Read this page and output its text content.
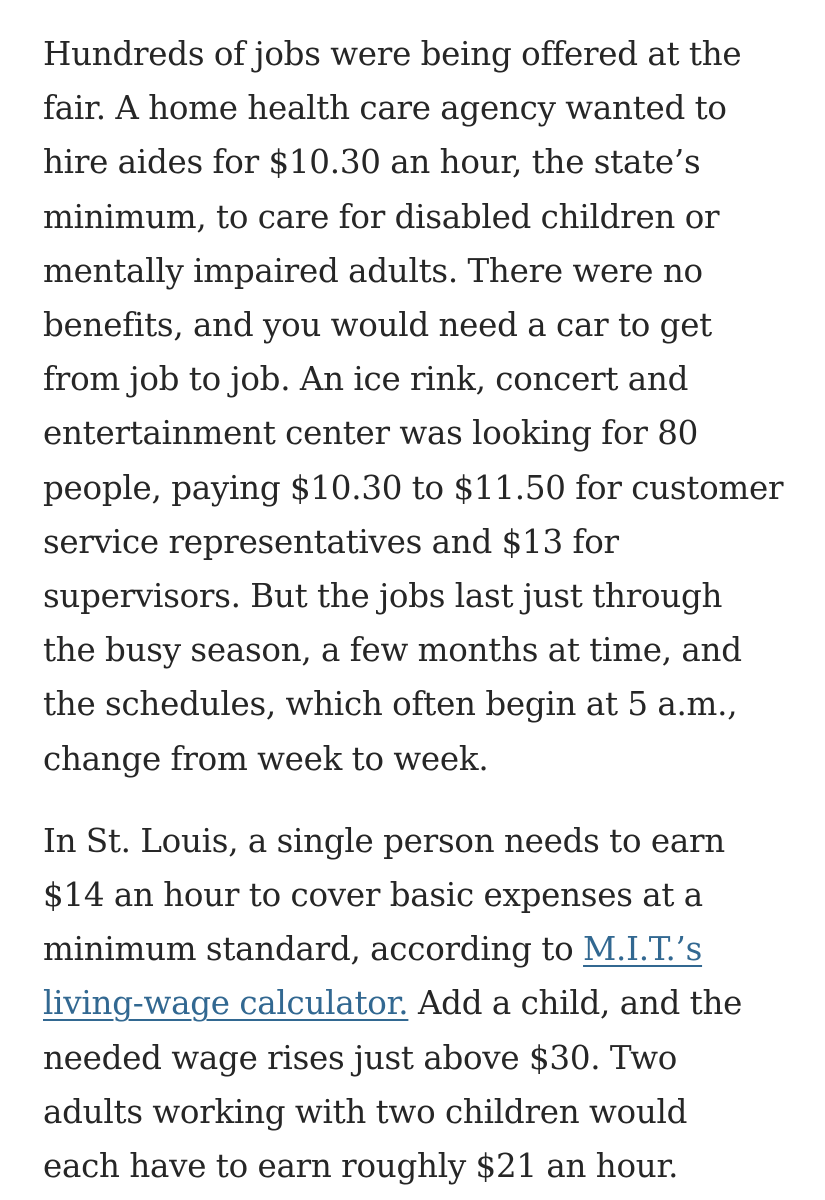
Hundreds of jobs were being offered at the
fair. A home health care agency wanted to
hire aides for $10.30 an hour, the state’s
minimum, to care for disabled children or
mentally impaired adults. There were no
benefits, and you would need a car to get
from job to job. An ice rink, concert and
entertainment center was looking for 80
people, paying $10.30 to $11.50 for customer
service representatives and $13 for
supervisors. But the jobs last just through
the busy season, a few months at time, and
the schedules, which often begin at 5 a.m.,
change from week to week.

In St. Louis, a single person needs to earn
$14 an hour to cover basic expenses at a
minimum standard, according to M.I.T.’s
living-wage calculator. Add a child, and the
needed wage rises just above $30. Two
adults working with two children would
each have to earn roughly $21 an hour.
